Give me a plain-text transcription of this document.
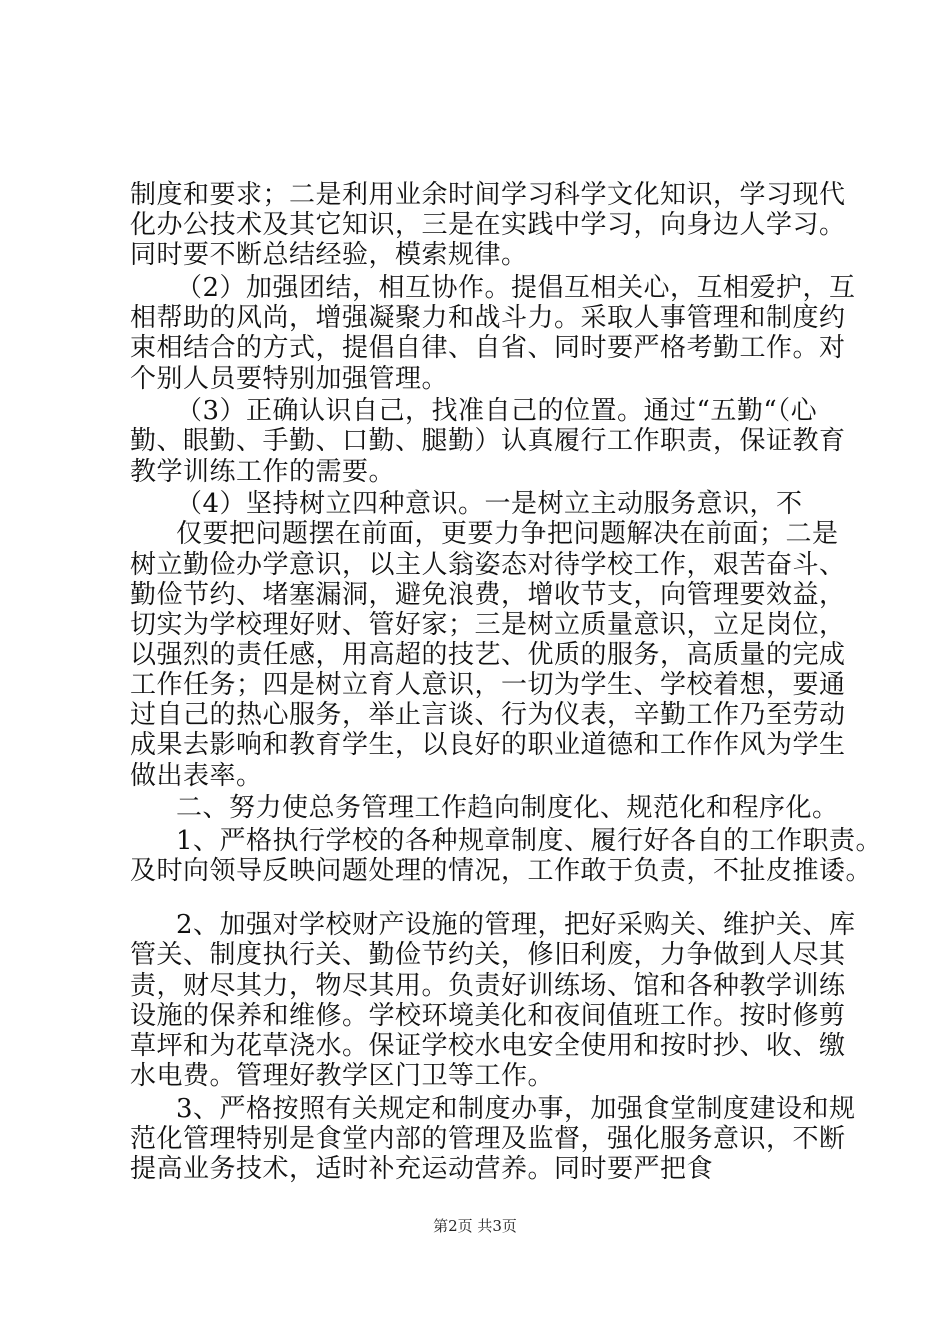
制度和要求；二是利用业余时间学习科学文化知识，学习现代
化办公技术及其它知识，三是在实践中学习，向身边人学习。
同时要不断总结经验，模索规律。
（2）加强团结，相互协作。提倡互相关心，互相爱护，互
相帮助的风尚，增强凝聚力和战斗力。采取人事管理和制度约
束相结合的方式，提倡自律、自省、同时要严格考勤工作。对
个别人员要特别加强管理。
（3）正确认识自己，找准自己的位置。通过“五勤“（心
勤、眼勤、手勤、口勤、腿勤）认真履行工作职责，保证教育
教学训练工作的需要。
（4）坚持树立四种意识。一是树立主动服务意识，不
仅要把问题摆在前面，更要力争把问题解决在前面；二是
树立勤俭办学意识，以主人翁姿态对待学校工作，艰苦奋斗、
勤俭节约、堵塞漏洞，避免浪费，增收节支，向管理要效益，
切实为学校理好财、管好家；三是树立质量意识，立足岗位，
以强烈的责任感，用高超的技艺、优质的服务，高质量的完成
工作任务；四是树立育人意识，一切为学生、学校着想，要通
过自己的热心服务，举止言谈、行为仪表，辛勤工作乃至劳动
成果去影响和教育学生，以良好的职业道德和工作作风为学生
做出表率。
二、努力使总务管理工作趋向制度化、规范化和程序化。
1、严格执行学校的各种规章制度、履行好各自的工作职责。
及时向领导反映问题处理的情况，工作敢于负责，不扯皮推诿。
2、加强对学校财产设施的管理，把好采购关、维护关、库
管关、制度执行关、勤俭节约关，修旧利废，力争做到人尽其
责，财尽其力，物尽其用。负责好训练场、馆和各种教学训练
设施的保养和维修。学校环境美化和夜间值班工作。按时修剪
草坪和为花草浇水。保证学校水电安全使用和按时抄、收、缴
水电费。管理好教学区门卫等工作。
3、严格按照有关规定和制度办事，加强食堂制度建设和规
范化管理特别是食堂内部的管理及监督，强化服务意识，不断
提高业务技术，适时补充运动营养。同时要严把食
第2页 共3页
